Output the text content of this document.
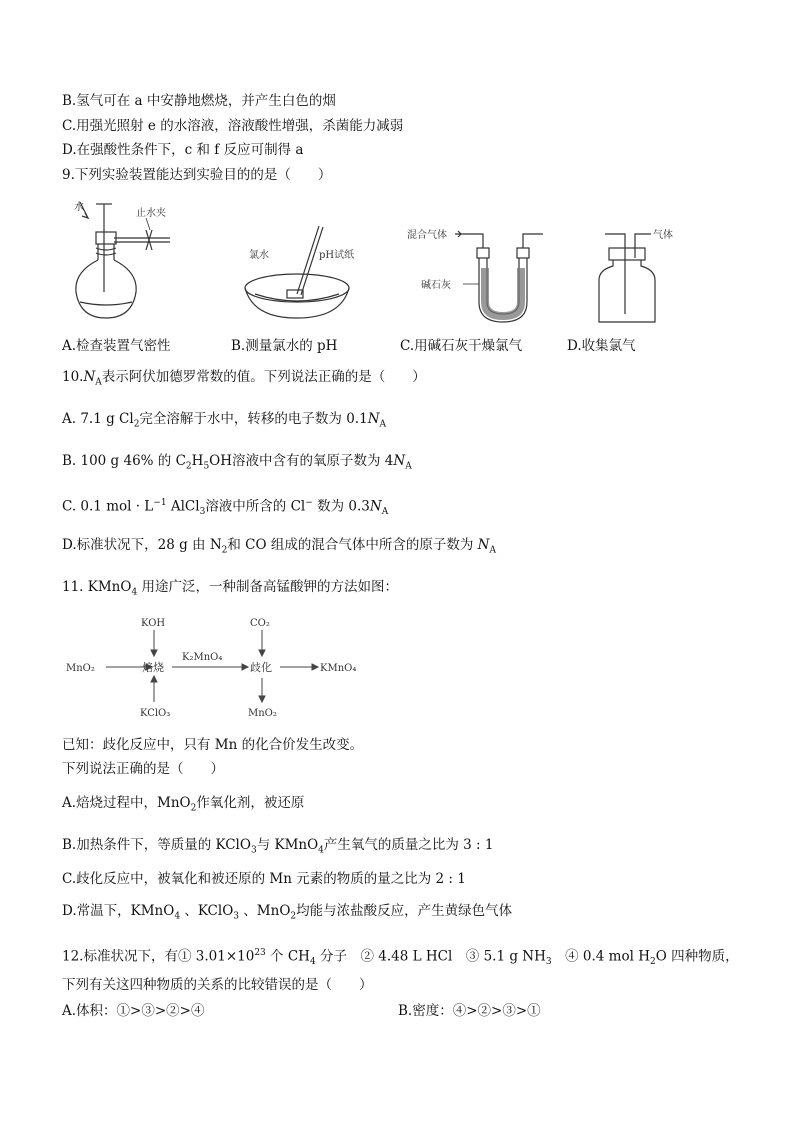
B.氢气可在 a 中安静地燃烧，并产生白色的烟
C.用强光照射 e 的水溶液，溶液酸性增强，杀菌能力减弱
D.在强酸性条件下，c 和 f 反应可制得 a
9.下列实验装置能达到实验目的的是（　　）
水
止水夹
氯水	pH试纸
混合气体
碱石灰
气体
A.检查装置气密性	B.测量氯水的 pH	C.用碱石灰干燥氯气	D.收集氯气
$10.N_A$表示阿伏加德罗常数的值。下列说法正确的是（　　）
A. 7.1 g $Cl_2$完全溶解于水中，转移的电子数为 $0.1N_A$
B. 100 g 46% 的 $C_2H_5OH$溶液中含有的氧原子数为 $4N_A$
C. 0.1 mol · $L^{-1}$ AlCl$_3$溶液中所含的 Cl− 数为 $0.3N_A$
D.标准状况下，28 g 由 $N_2$和 CO 组成的混合气体中所含的原子数为 $N_A$
11. KMnO$_4$ 用途广泛，一种制备高锰酸钾的方法如图：
MnO₂
KOH
KClO₃
焙烧
K₂MnO₄
CO₂
歧化	KMnO₄
MnO₂
已知：歧化反应中，只有 Mn 的化合价发生改变。
下列说法正确的是（　　）
A.焙烧过程中，MnO$_2$作氧化剂，被还原
B.加热条件下，等质量的 KClO$_3$与 KMnO$_4$产生氧气的质量之比为 3 : 1
C.歧化反应中，被氧化和被还原的 Mn 元素的物质的量之比为 2 : 1
D.常温下，KMnO$_4$ 、KClO$_3$ 、MnO$_2$均能与浓盐酸反应，产生黄绿色气体
12.标准状况下，有① $3.01\times 10^{23}$ 个 $CH_4$ 分子　② 4.48 L HCl　③ 5.1 g $NH_3$　④ 0.4 mol $H_2O$ 四种物质，
下列有关这四种物质的关系的比较错误的是（　　）
A.体积：①>③>②>④	B.密度：④>②>③>①
